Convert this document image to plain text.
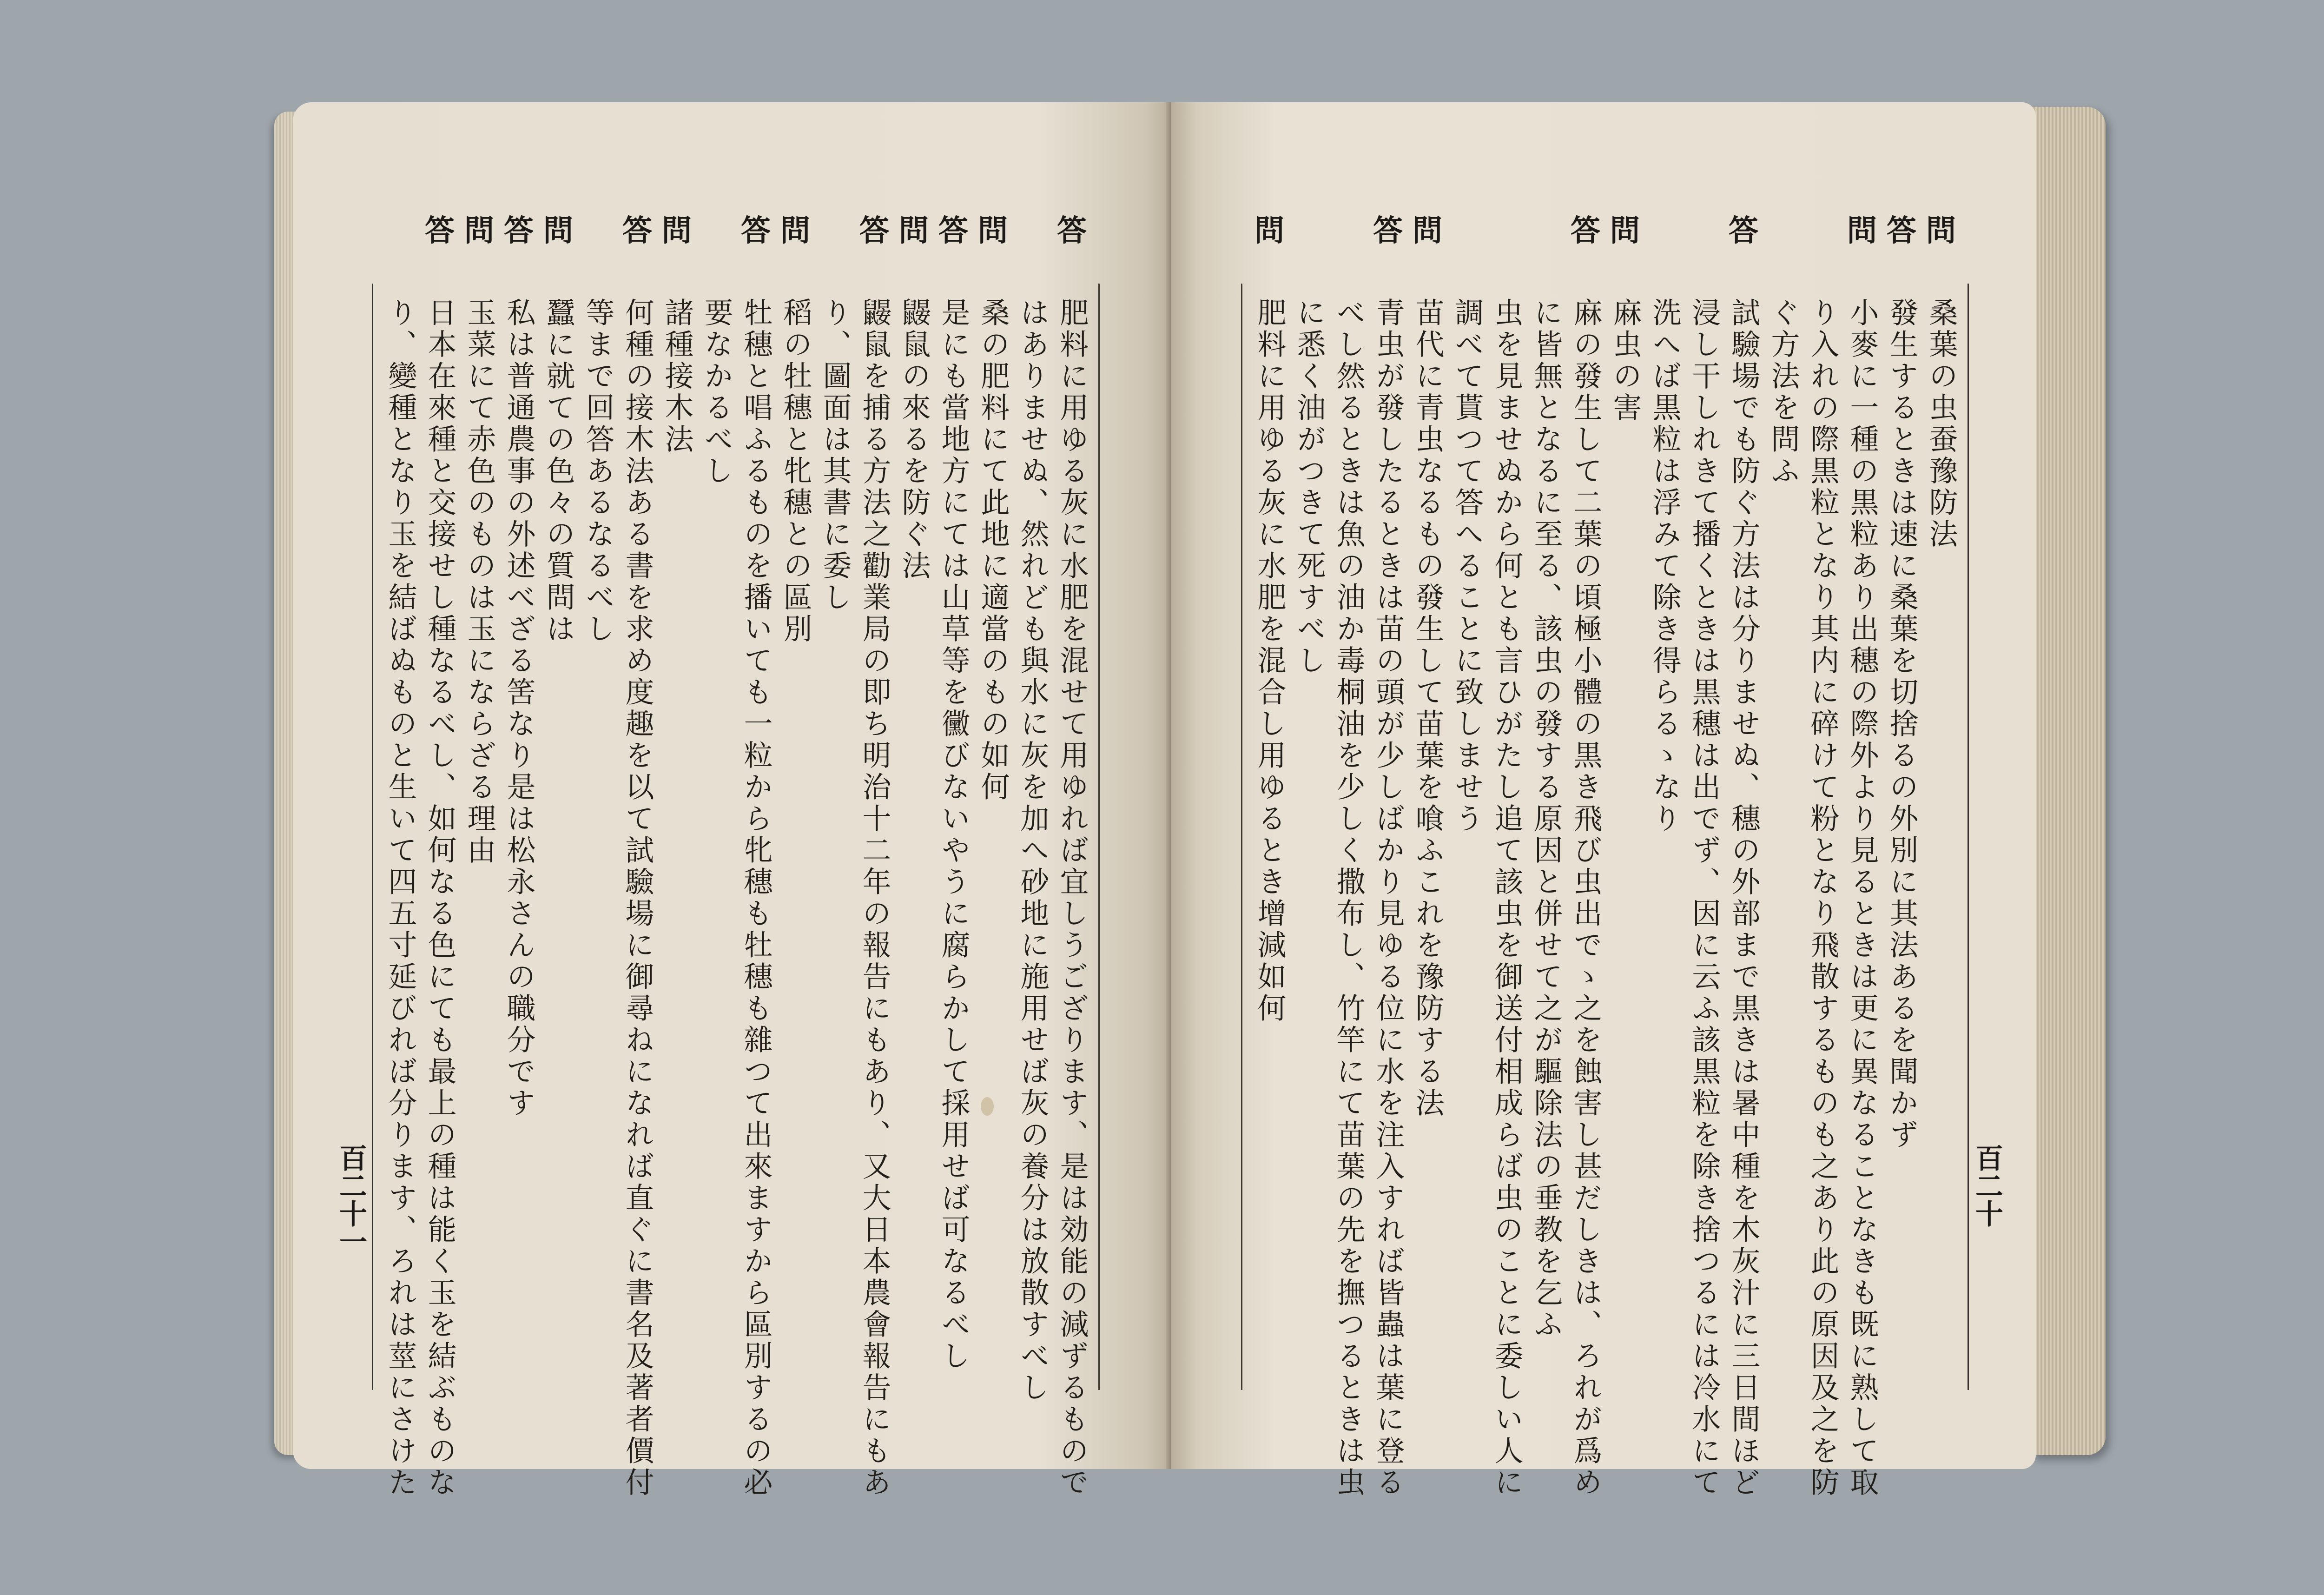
答
肥料に用ゆる灰に水肥を混せて用ゆれば宜しうござります、是は効能の減ずるもので
はありませぬ、然れども與水に灰を加へ砂地に施用せば灰の養分は放散すべし
問
桑の肥料にて此地に適當のもの如何
答
是にも當地方にては山草等を黴びないやうに腐らかして採用せば可なるべし
問
鼹鼠の來るを防ぐ法
答
鼹鼠を捕る方法之勸業局の即ち明治十二年の報告にもあり、又大日本農會報告にもあ
り、圖面は其書に委し
問
稻の牡穗と牝穗との區別
答
牡穗と唱ふるものを播いても一粒から牝穗も牡穗も雜つて出來ますから區別するの必
要なかるべし
問
諸種接木法
答
何種の接木法ある書を求め度趣を以て試驗場に御尋ねになれば直ぐに書名及著者價付
等まで回答あるなるべし
問
蠶に就ての色々の質問は
答
私は普通農事の外述べざる筈なり是は松永さんの職分です
問
玉菜にて赤色のものは玉にならざる理由
答
日本在來種と交接せし種なるべし、如何なる色にても最上の種は能く玉を結ぶものな
り、變種となり玉を結ばぬものと生いて四五寸延びれば分ります、ろれは莖にさけた
百二十一
問
桑葉の虫蚕豫防法
答
發生するときは速に桑葉を切捨るの外別に其法あるを聞かず
問
小麥に一種の黒粒あり出穗の際外より見るときは更に異なることなきも既に熟して取
り入れの際黒粒となり其内に碎けて粉となり飛散するものも之あり此の原因及之を防
ぐ方法を問ふ
答
試驗場でも防ぐ方法は分りませぬ、穗の外部まで黒きは暑中種を木灰汁に三日間ほど
浸し干しれきて播くときは黒穗は出でず、因に云ふ該黒粒を除き捨つるには冷水にて
洗へば黒粒は浮みて除き得らるゝなり
問
麻虫の害
答
麻の發生して二葉の頃極小體の黒き飛び虫出でゝ之を蝕害し甚だしきは、ろれが爲め
に皆無となるに至る、該虫の發する原因と併せて之が驅除法の垂教を乞ふ
虫を見ませぬから何とも言ひがたし追て該虫を御送付相成らば虫のことに委しい人に
調べて貰つて答へることに致しませう
問
苗代に青虫なるもの發生して苗葉を喰ふこれを豫防する法
答
青虫が發したるときは苗の頭が少しばかり見ゆる位に水を注入すれば皆蟲は葉に登る
べし然るときは魚の油か毒桐油を少しく撒布し、竹竿にて苗葉の先を撫つるときは虫
に悉く油がつきて死すべし
問
肥料に用ゆる灰に水肥を混合し用ゆるとき增減如何
百二十
